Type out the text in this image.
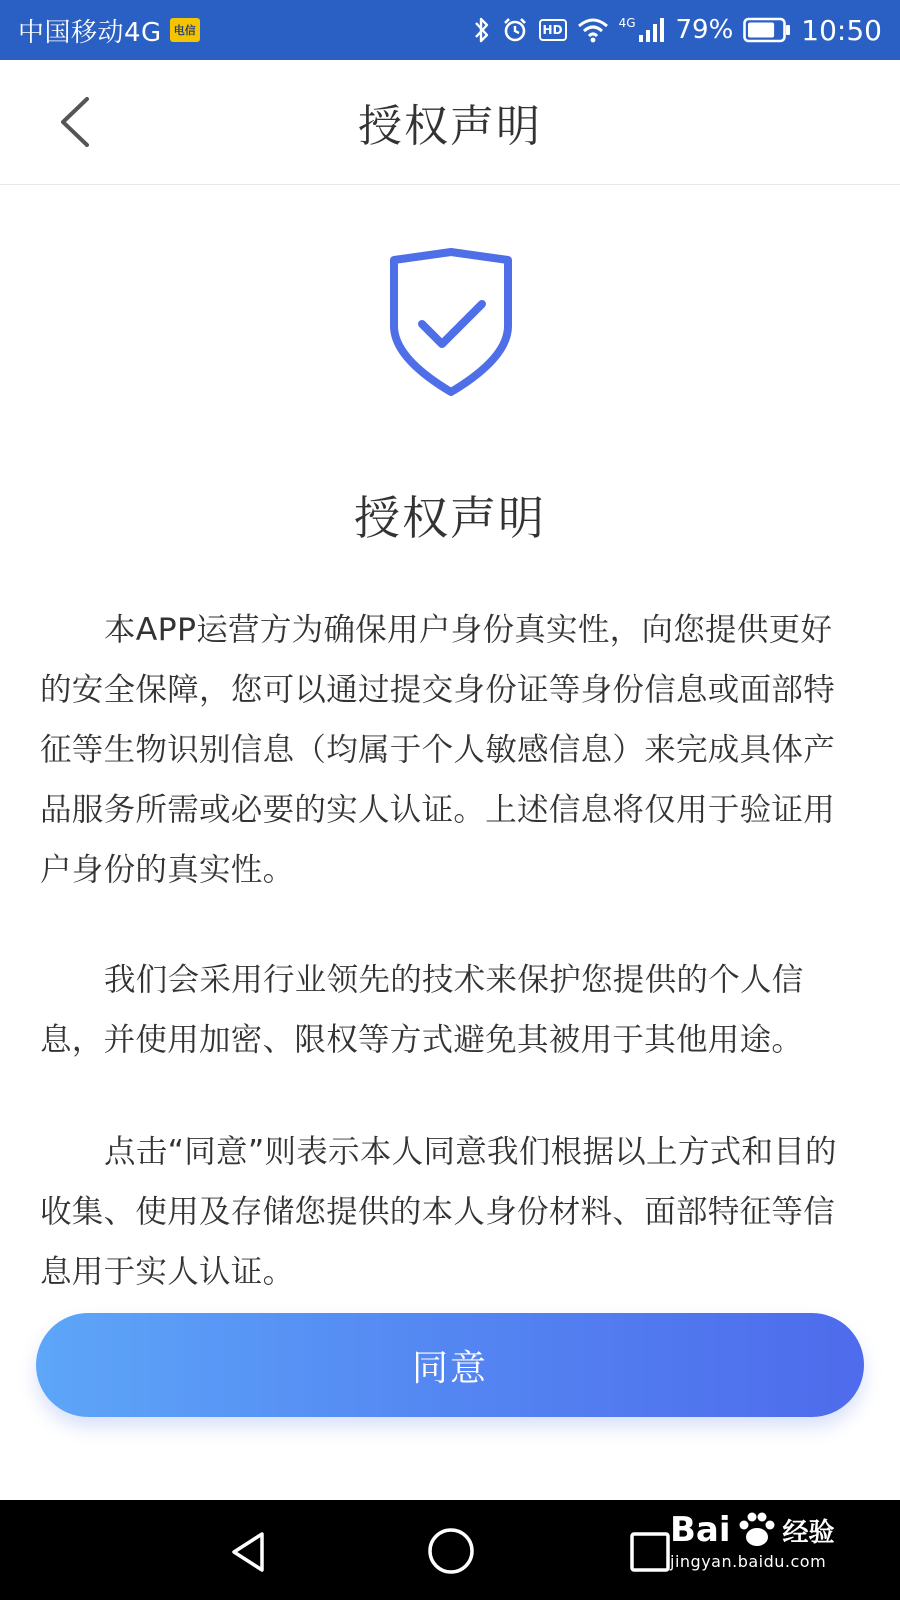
中国移动4G 电信	HD	4G 79% 10:50
授权声明
授权声明

本APP运营方为确保用户身份真实性，向您提供更好的安全保障，您可以通过提交身份证等身份信息或面部特征等生物识别信息（均属于个人敏感信息）来完成具体产品服务所需或必要的实人认证。上述信息将仅用于验证用户身份的真实性。

我们会采用行业领先的技术来保护您提供的个人信息，并使用加密、限权等方式避免其被用于其他用途。

点击“同意”则表示本人同意我们根据以上方式和目的收集、使用及存储您提供的本人身份材料、面部特征等信息用于实人认证。

同意
Bai 经验
jingyan.baidu.com
